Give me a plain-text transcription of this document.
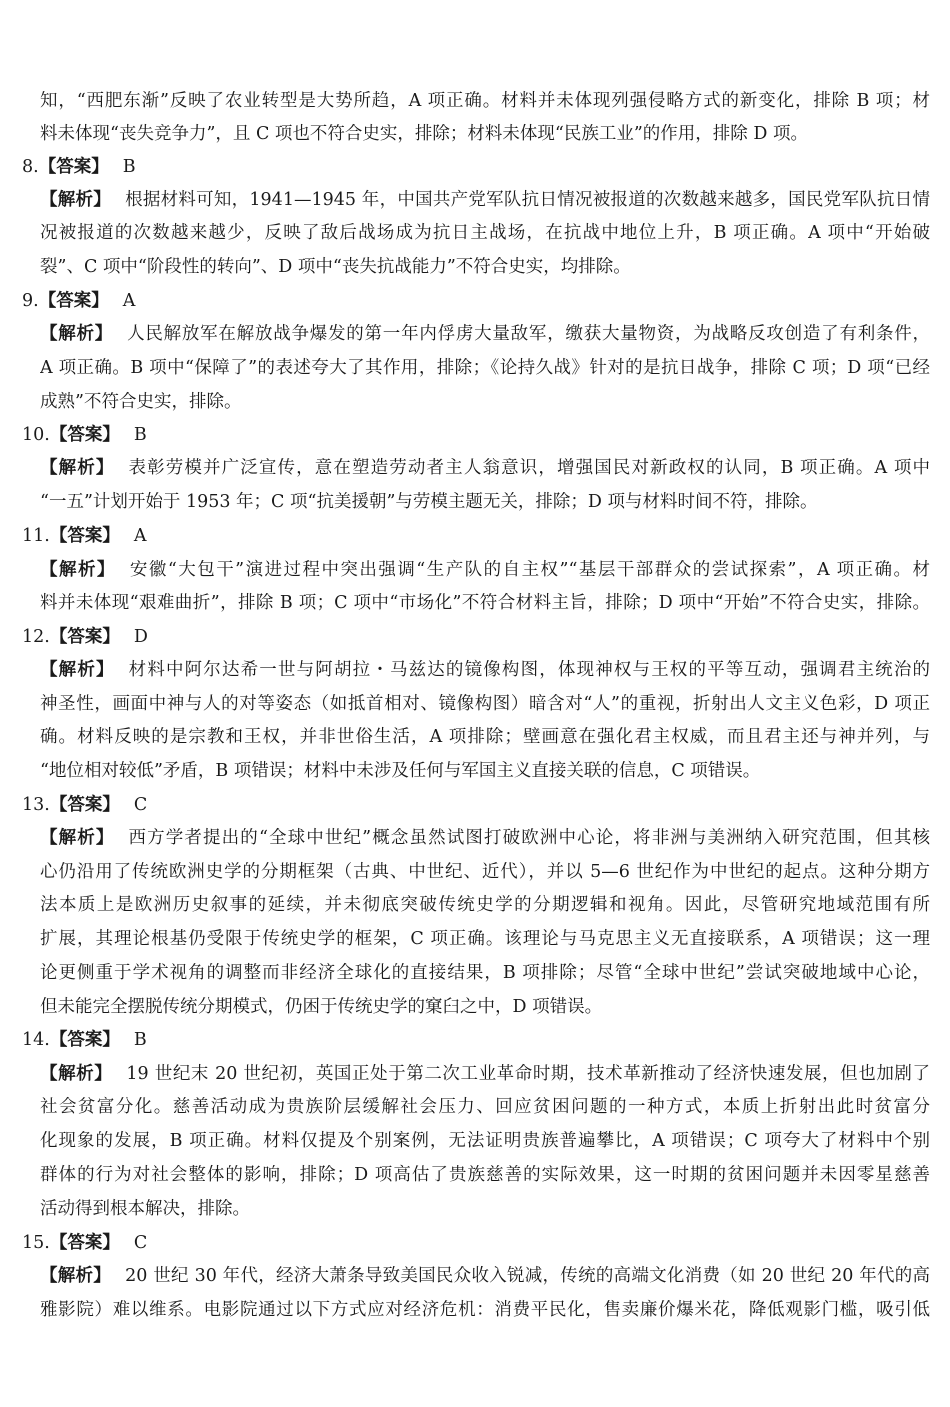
知，“西肥东渐”反映了农业转型是大势所趋，A 项正确。材料并未体现列强侵略方式的新变化，排除 B 项；材
料未体现“丧失竞争力”，且 C 项也不符合史实，排除；材料未体现“民族工业”的作用，排除 D 项。
8.【答案】 B
【解析】 根据材料可知，1941—1945 年，中国共产党军队抗日情况被报道的次数越来越多，国民党军队抗日情
况被报道的次数越来越少，反映了敌后战场成为抗日主战场，在抗战中地位上升，B 项正确。A 项中“开始破
裂”、C 项中“阶段性的转向”、D 项中“丧失抗战能力”不符合史实，均排除。
9.【答案】 A
【解析】 人民解放军在解放战争爆发的第一年内俘虏大量敌军，缴获大量物资，为战略反攻创造了有利条件，
A 项正确。B 项中“保障了”的表述夸大了其作用，排除；《论持久战》针对的是抗日战争，排除 C 项；D 项“已经
成熟”不符合史实，排除。
10.【答案】 B
【解析】 表彰劳模并广泛宣传，意在塑造劳动者主人翁意识，增强国民对新政权的认同，B 项正确。A 项中
“一五”计划开始于 1953 年；C 项“抗美援朝”与劳模主题无关，排除；D 项与材料时间不符，排除。
11.【答案】 A
【解析】 安徽“大包干”演进过程中突出强调“生产队的自主权”“基层干部群众的尝试探索”，A 项正确。材
料并未体现“艰难曲折”，排除 B 项；C 项中“市场化”不符合材料主旨，排除；D 项中“开始”不符合史实，排除。
12.【答案】 D
【解析】 材料中阿尔达希一世与阿胡拉・马兹达的镜像构图，体现神权与王权的平等互动，强调君主统治的
神圣性，画面中神与人的对等姿态（如抵首相对、镜像构图）暗含对“人”的重视，折射出人文主义色彩，D 项正
确。材料反映的是宗教和王权，并非世俗生活，A 项排除；壁画意在强化君主权威，而且君主还与神并列，与
“地位相对较低”矛盾，B 项错误；材料中未涉及任何与军国主义直接关联的信息，C 项错误。
13.【答案】 C
【解析】 西方学者提出的“全球中世纪”概念虽然试图打破欧洲中心论，将非洲与美洲纳入研究范围，但其核
心仍沿用了传统欧洲史学的分期框架（古典、中世纪、近代），并以 5—6 世纪作为中世纪的起点。这种分期方
法本质上是欧洲历史叙事的延续，并未彻底突破传统史学的分期逻辑和视角。因此，尽管研究地域范围有所
扩展，其理论根基仍受限于传统史学的框架，C 项正确。该理论与马克思主义无直接联系，A 项错误；这一理
论更侧重于学术视角的调整而非经济全球化的直接结果，B 项排除；尽管“全球中世纪”尝试突破地域中心论，
但未能完全摆脱传统分期模式，仍困于传统史学的窠臼之中，D 项错误。
14.【答案】 B
【解析】 19 世纪末 20 世纪初，英国正处于第二次工业革命时期，技术革新推动了经济快速发展，但也加剧了
社会贫富分化。慈善活动成为贵族阶层缓解社会压力、回应贫困问题的一种方式，本质上折射出此时贫富分
化现象的发展，B 项正确。材料仅提及个别案例，无法证明贵族普遍攀比，A 项错误；C 项夸大了材料中个别
群体的行为对社会整体的影响，排除；D 项高估了贵族慈善的实际效果，这一时期的贫困问题并未因零星慈善
活动得到根本解决，排除。
15.【答案】 C
【解析】 20 世纪 30 年代，经济大萧条导致美国民众收入锐减，传统的高端文化消费（如 20 世纪 20 年代的高
雅影院）难以维系。电影院通过以下方式应对经济危机：消费平民化，售卖廉价爆米花，降低观影门槛，吸引低
